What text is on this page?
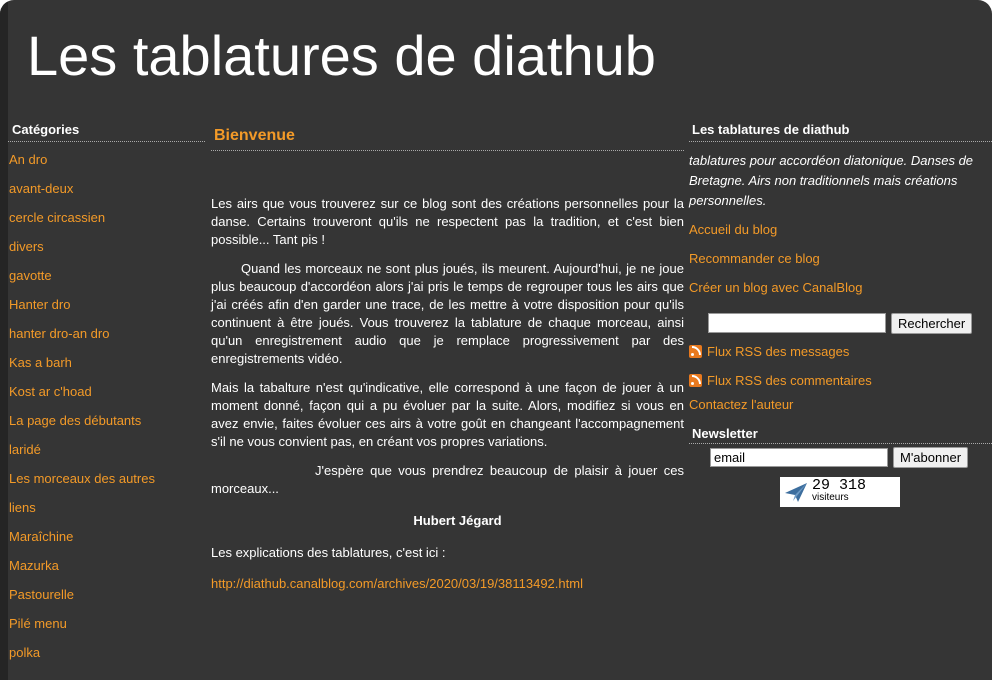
Les tablatures de diathub
Catégories
An dro
avant-deux
cercle circassien
divers
gavotte
Hanter dro
hanter dro-an dro
Kas a barh
Kost ar c'hoad
La page des débutants
laridé
Les morceaux des autres
liens
Maraîchine
Mazurka
Pastourelle
Pilé menu
polka
Bienvenue

Les airs que vous trouverez sur ce blog sont des créations personnelles pour la danse. Certains trouveront qu'ils ne respectent pas la tradition, et c'est bien possible... Tant pis !

Quand les morceaux ne sont plus joués, ils meurent. Aujourd'hui, je ne joue plus beaucoup d'accordéon alors j'ai pris le temps de regrouper tous les airs que j'ai créés afin d'en garder une trace, de les mettre à votre disposition pour qu'ils continuent à être joués. Vous trouverez la tablature de chaque morceau, ainsi qu'un enregistrement audio que je remplace progressivement par des enregistrements vidéo.

Mais la tabalture n'est qu'indicative, elle correspond à une façon de jouer à un moment donné, façon qui a pu évoluer par la suite. Alors, modifiez si vous en avez envie, faites évoluer ces airs à votre goût en changeant l'accompagnement s'il ne vous convient pas, en créant vos propres variations.

J'espère que vous prendrez beaucoup de plaisir à jouer ces morceaux...

Hubert Jégard

Les explications des tablatures, c'est ici :

http://diathub.canalblog.com/archives/2020/03/19/38113492.html

Les tablatures de diathub

tablatures pour accordéon diatonique. Danses de Bretagne. Airs non traditionnels mais créations personnelles.

Accueil du blog
Recommander ce blog
Créer un blog avec CanalBlog
Rechercher
Flux RSS des messages
Flux RSS des commentaires
Contactez l'auteur
Newsletter
email
M'abonner
29 318
visiteurs
